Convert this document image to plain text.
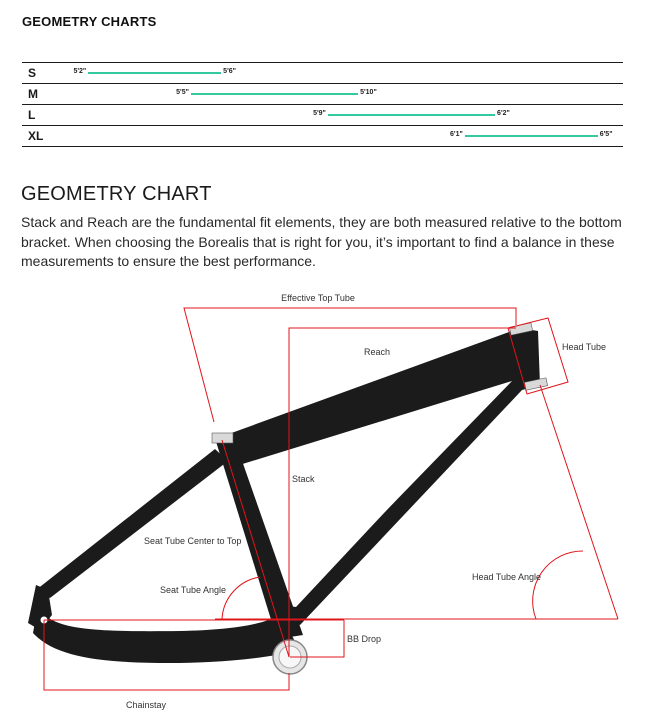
GEOMETRY CHARTS
S	5'2"	5'6"
M	5'5"	5'10"
L	5'9"	6'2"
XL	6'1"	6'5"
GEOMETRY CHART

Stack and Reach are the fundamental fit elements, they are both measured relative to the bottom bracket. When choosing the Borealis that is right for you, it’s important to find a balance in these measurements to ensure the best performance.

Effective Top Tube
Head Tube
Reach
Stack
Seat Tube Center to Top
Seat Tube Angle
Head Tube Angle
BB Drop
Chainstay
